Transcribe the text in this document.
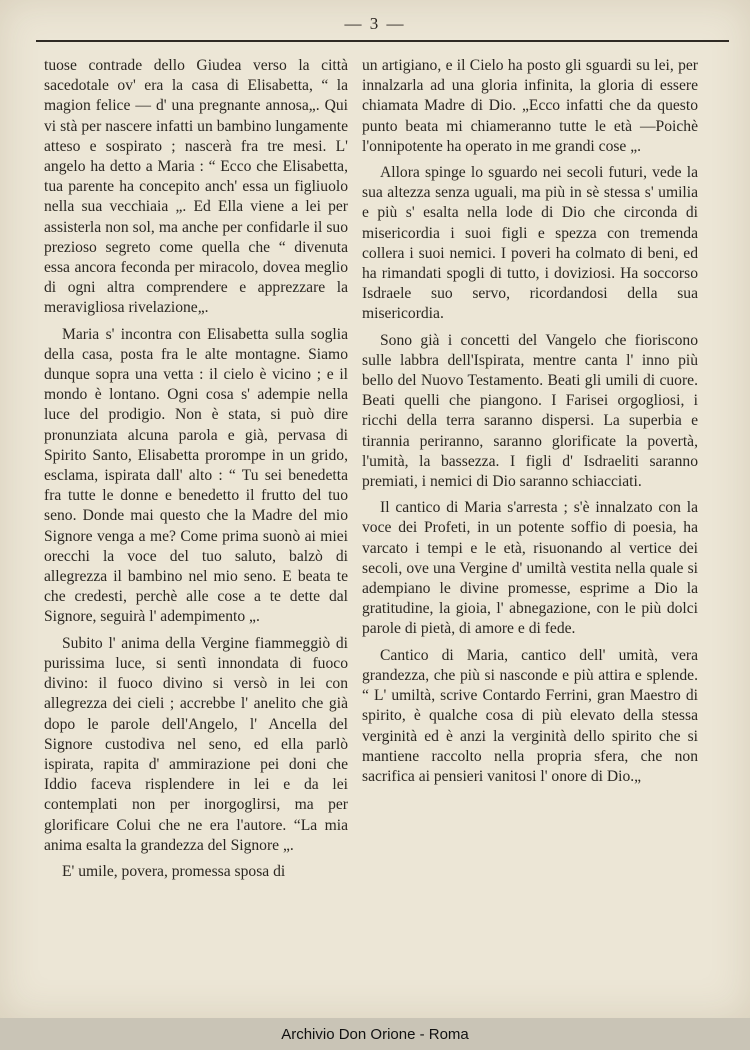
— 3 —

tuose contrade dello Giudea verso la città sacedotale ov' era la casa di Elisabetta, “ la magion felice — d' una pregnante annosa„. Qui vi stà per nascere infatti un bambino lungamente atteso e sospirato ; nascerà fra tre mesi. L' angelo ha detto a Maria : “ Ecco che Elisabetta, tua parente ha concepito anch' essa un figliuolo nella sua vecchiaia „. Ed Ella viene a lei per assisterla non sol, ma anche per confidarle il suo prezioso segreto come quella che “ divenuta essa ancora feconda per miracolo, dovea meglio di ogni altra comprendere e apprezzare la meravigliosa rivelazione„.

Maria s' incontra con Elisabetta sulla soglia della casa, posta fra le alte montagne. Siamo dunque sopra una vetta : il cielo è vicino ; e il mondo è lontano. Ogni cosa s' adempie nella luce del prodigio. Non è stata, si può dire pronunziata alcuna parola e già, pervasa di Spirito Santo, Elisabetta prorompe in un grido, esclama, ispirata dall' alto : “ Tu sei benedetta fra tutte le donne e benedetto il frutto del tuo seno. Donde mai questo che la Madre del mio Signore venga a me? Come prima suonò ai miei orecchi la voce del tuo saluto, balzò di allegrezza il bambino nel mio seno. E beata te che credesti, perchè alle cose a te dette dal Signore, seguirà l' adempimento „.

Subito l' anima della Vergine fiammeggiò di purissima luce, si sentì innondata di fuoco divino: il fuoco divino si versò in lei con allegrezza dei cieli ; accrebbe l' anelito che già dopo le parole dell'Angelo, l' Ancella del Signore custodiva nel seno, ed ella parlò ispirata, rapita d' ammirazione pei doni che Iddio faceva risplendere in lei e da lei contemplati non per inorgoglirsi, ma per glorificare Colui che ne era l'autore. “La mia anima esalta la grandezza del Signore „.

E' umile, povera, promessa sposa di

un artigiano, e il Cielo ha posto gli sguardi su lei, per innalzarla ad una gloria infinita, la gloria di essere chiamata Madre di Dio. „Ecco infatti che da questo punto beata mi chiameranno tutte le età —Poichè l'onnipotente ha operato in me grandi cose „.

Allora spinge lo sguardo nei secoli futuri, vede la sua altezza senza uguali, ma più in sè stessa s' umilia e più s' esalta nella lode di Dio che circonda di misericordia i suoi figli e spezza con tremenda collera i suoi nemici. I poveri ha colmato di beni, ed ha rimandati spogli di tutto, i doviziosi. Ha soccorso Isdraele suo servo, ricordandosi della sua misericordia.

Sono già i concetti del Vangelo che fioriscono sulle labbra dell'Ispirata, mentre canta l' inno più bello del Nuovo Testamento. Beati gli umili di cuore. Beati quelli che piangono. I Farisei orgogliosi, i ricchi della terra saranno dispersi. La superbia e tirannia periranno, saranno glorificate la povertà, l'umità, la bassezza. I figli d' Isdraeliti saranno premiati, i nemici di Dio saranno schiacciati.

Il cantico di Maria s'arresta ; s'è innalzato con la voce dei Profeti, in un potente soffio di poesia, ha varcato i tempi e le età, risuonando al vertice dei secoli, ove una Vergine d' umiltà vestita nella quale si adempiano le divine promesse, esprime a Dio la gratitudine, la gioia, l' abnegazione, con le più dolci parole di pietà, di amore e di fede.

Cantico di Maria, cantico dell' umità, vera grandezza, che più si nasconde e più attira e splende. “ L' umiltà, scrive Contardo Ferrini, gran Maestro di spirito, è qualche cosa di più elevato della stessa verginità ed è anzi la verginità dello spirito che si mantiene raccolto nella propria sfera, che non sacrifica ai pensieri vanitosi l' onore di Dio.„

Archivio Don Orione - Roma
